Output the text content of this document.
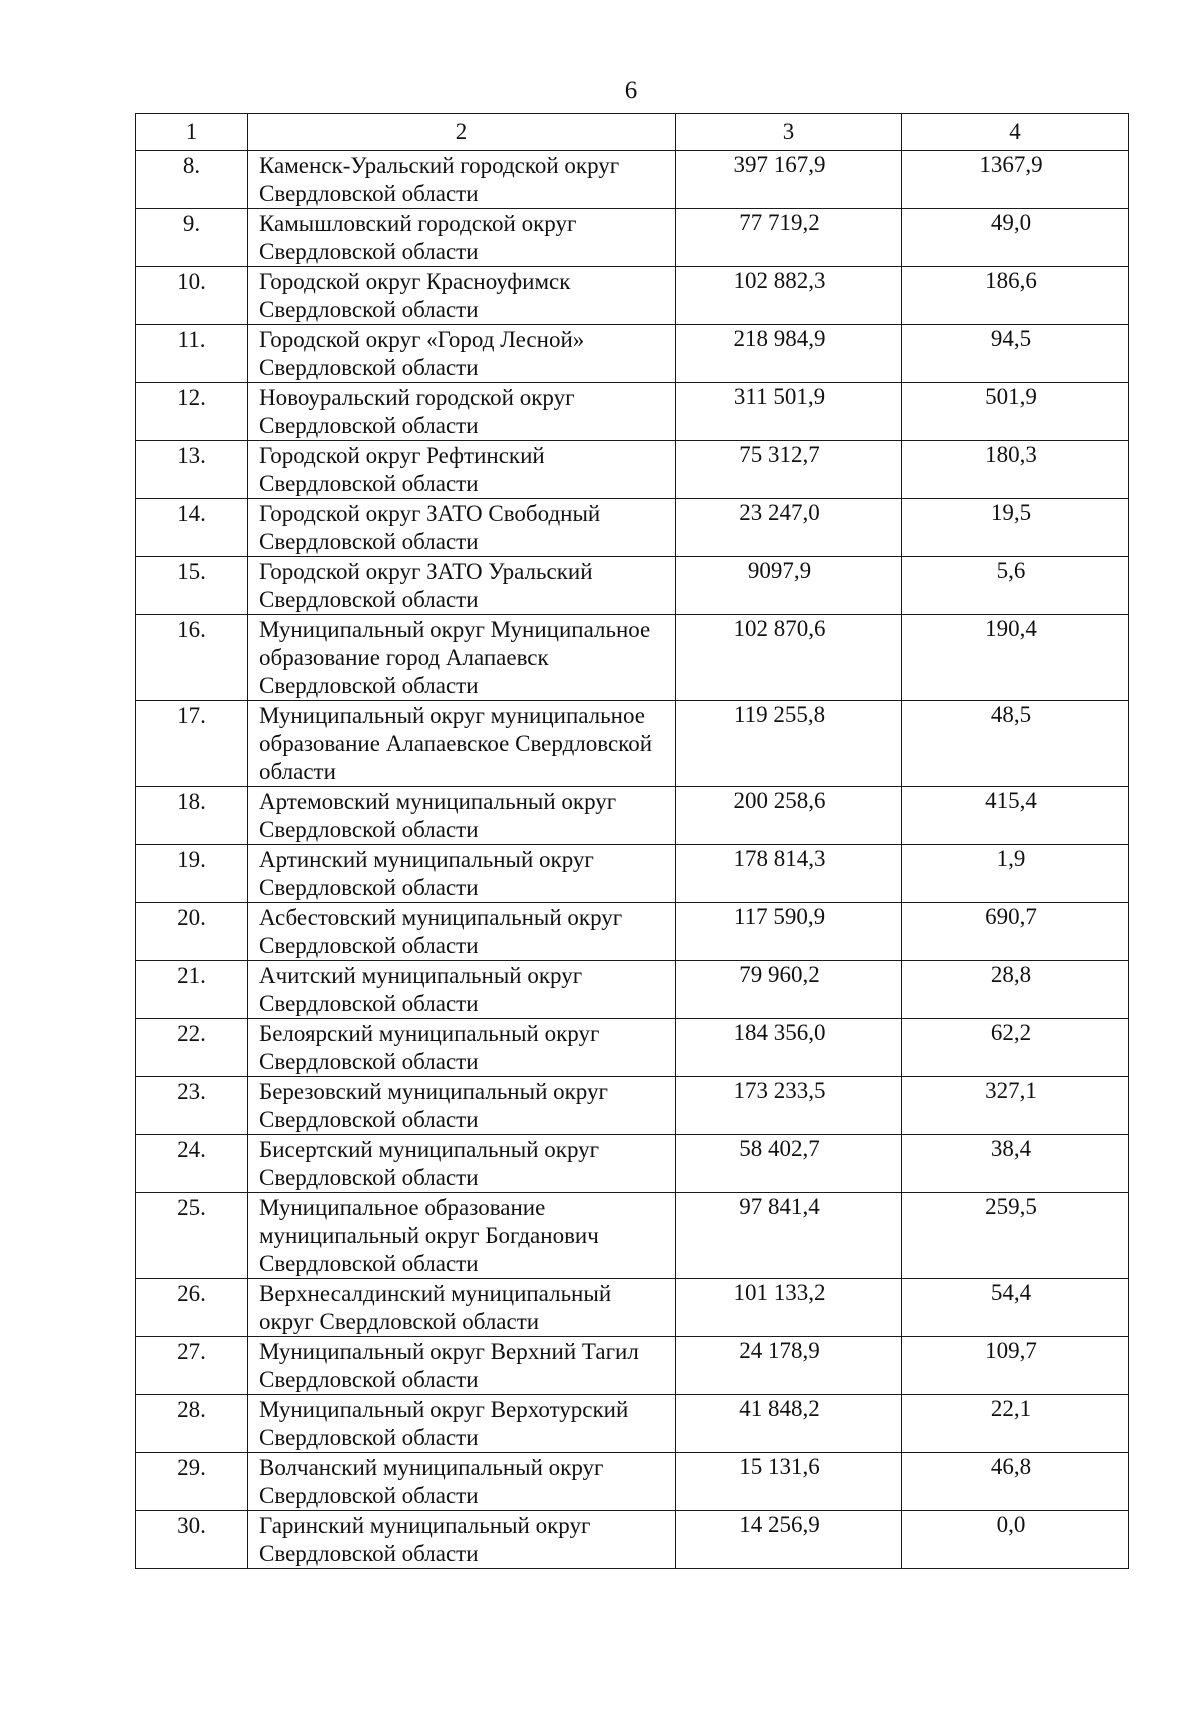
6
1	2	3	4
8.	Каменск-Уральский городской округ Свердловской области	397 167,9	1367,9
9.	Камышловский городской округ Свердловской области	77 719,2	49,0
10.	Городской округ Красноуфимск Свердловской области	102 882,3	186,6
11.	Городской округ «Город Лесной» Свердловской области	218 984,9	94,5
12.	Новоуральский городской округ Свердловской области	311 501,9	501,9
13.	Городской округ Рефтинский Свердловской области	75 312,7	180,3
14.	Городской округ ЗАТО Свободный Свердловской области	23 247,0	19,5
15.	Городской округ ЗАТО Уральский Свердловской области	9097,9	5,6
16.	Муниципальный округ Муниципальное образование город Алапаевск Свердловской области	102 870,6	190,4
17.	Муниципальный округ муниципальное образование Алапаевское Свердловской области	119 255,8	48,5
18.	Артемовский муниципальный округ Свердловской области	200 258,6	415,4
19.	Артинский муниципальный округ Свердловской области	178 814,3	1,9
20.	Асбестовский муниципальный округ Свердловской области	117 590,9	690,7
21.	Ачитский муниципальный округ Свердловской области	79 960,2	28,8
22.	Белоярский муниципальный округ Свердловской области	184 356,0	62,2
23.	Березовский муниципальный округ Свердловской области	173 233,5	327,1
24.	Бисертский муниципальный округ Свердловской области	58 402,7	38,4
25.	Муниципальное образование муниципальный округ Богданович Свердловской области	97 841,4	259,5
26.	Верхнесалдинский муниципальный округ Свердловской области	101 133,2	54,4
27.	Муниципальный округ Верхний Тагил Свердловской области	24 178,9	109,7
28.	Муниципальный округ Верхотурский Свердловской области	41 848,2	22,1
29.	Волчанский муниципальный округ Свердловской области	15 131,6	46,8
30.	Гаринский муниципальный округ Свердловской области	14 256,9	0,0
